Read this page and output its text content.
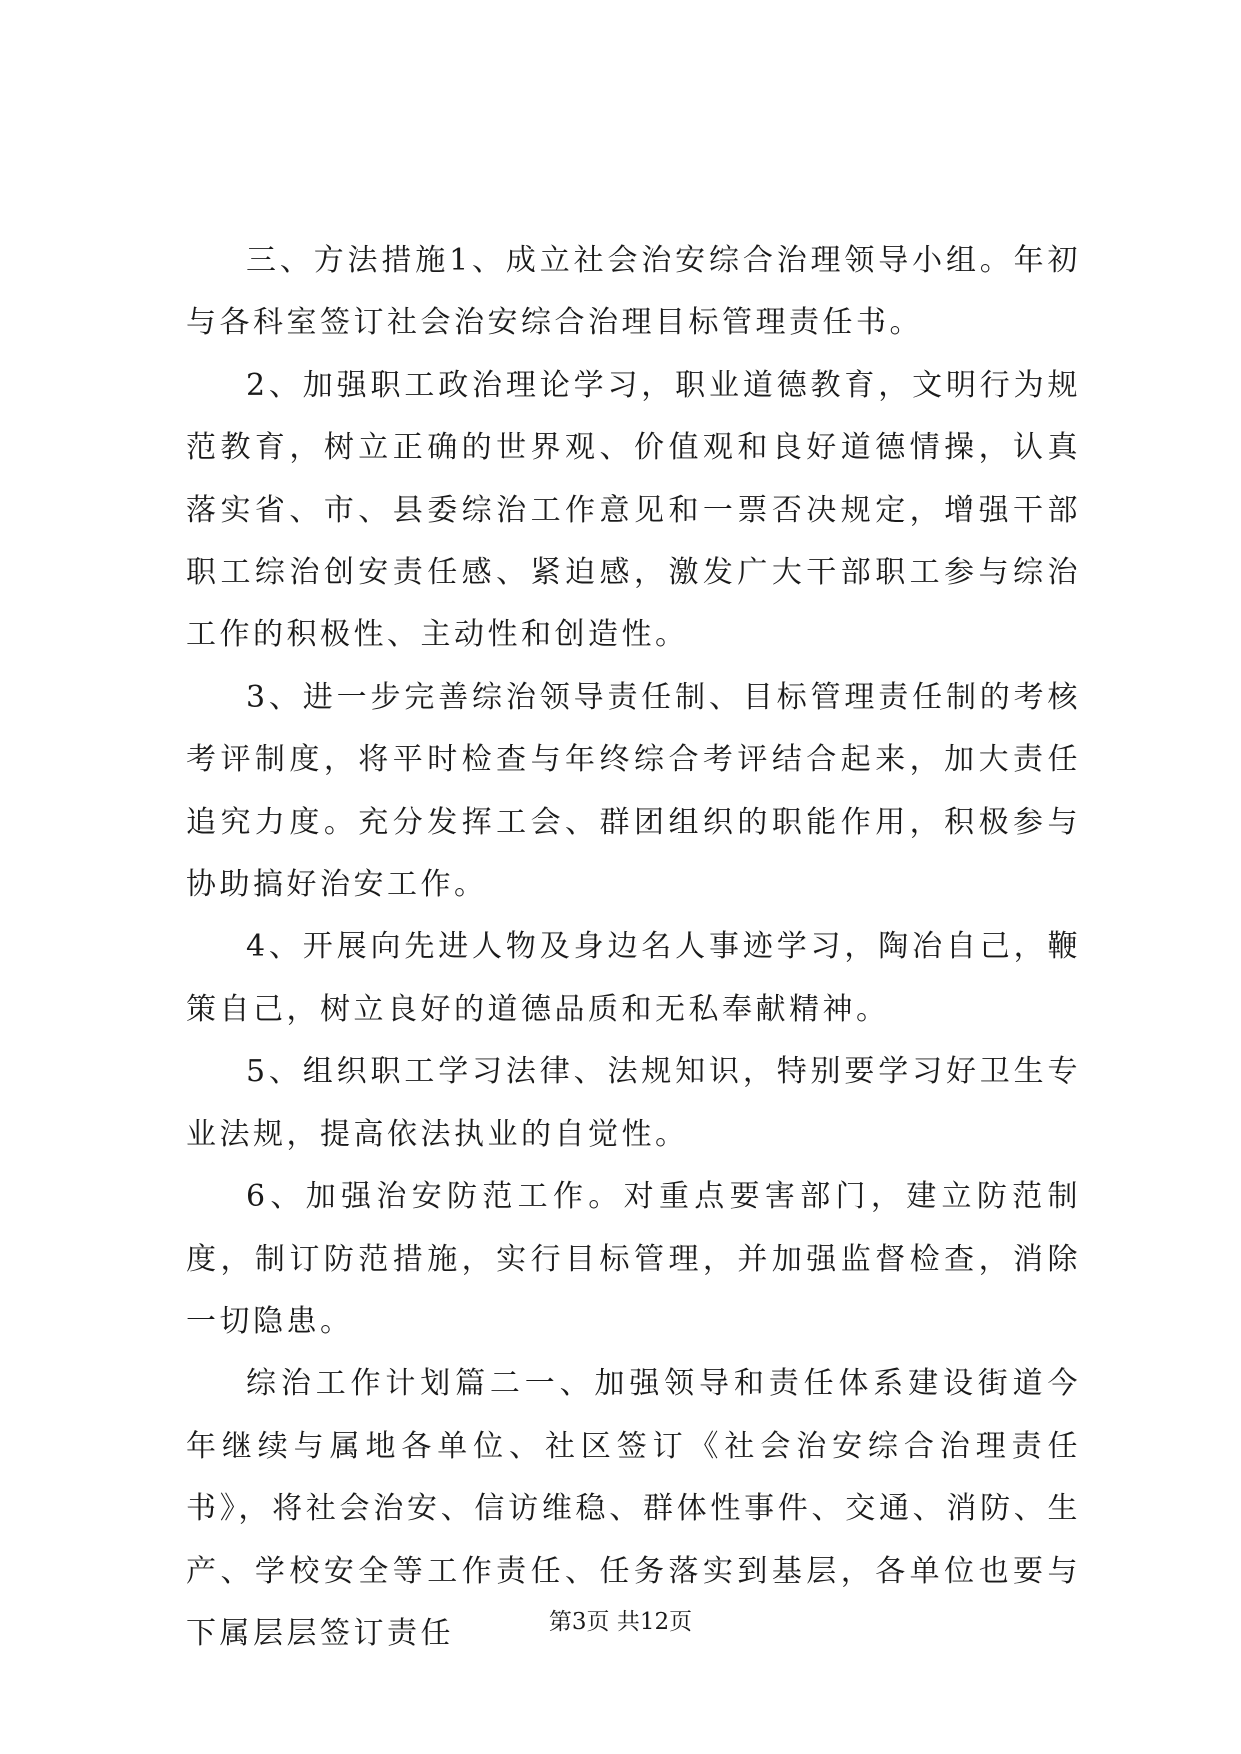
三、方法措施1、成立社会治安综合治理领导小组。年初与各科室签订社会治安综合治理目标管理责任书。

2、加强职工政治理论学习，职业道德教育，文明行为规范教育，树立正确的世界观、价值观和良好道德情操，认真落实省、市、县委综治工作意见和一票否决规定，增强干部职工综治创安责任感、紧迫感，激发广大干部职工参与综治工作的积极性、主动性和创造性。

3、进一步完善综治领导责任制、目标管理责任制的考核考评制度，将平时检查与年终综合考评结合起来，加大责任追究力度。充分发挥工会、群团组织的职能作用，积极参与协助搞好治安工作。

4、开展向先进人物及身边名人事迹学习，陶冶自己，鞭策自己，树立良好的道德品质和无私奉献精神。

5、组织职工学习法律、法规知识，特别要学习好卫生专业法规，提高依法执业的自觉性。

6、加强治安防范工作。对重点要害部门，建立防范制度，制订防范措施，实行目标管理，并加强监督检查，消除一切隐患。

综治工作计划篇二一、加强领导和责任体系建设街道今年继续与属地各单位、社区签订《社会治安综合治理责任书》，将社会治安、信访维稳、群体性事件、交通、消防、生产、学校安全等工作责任、任务落实到基层，各单位也要与下属层层签订责任	第3页 共12页
